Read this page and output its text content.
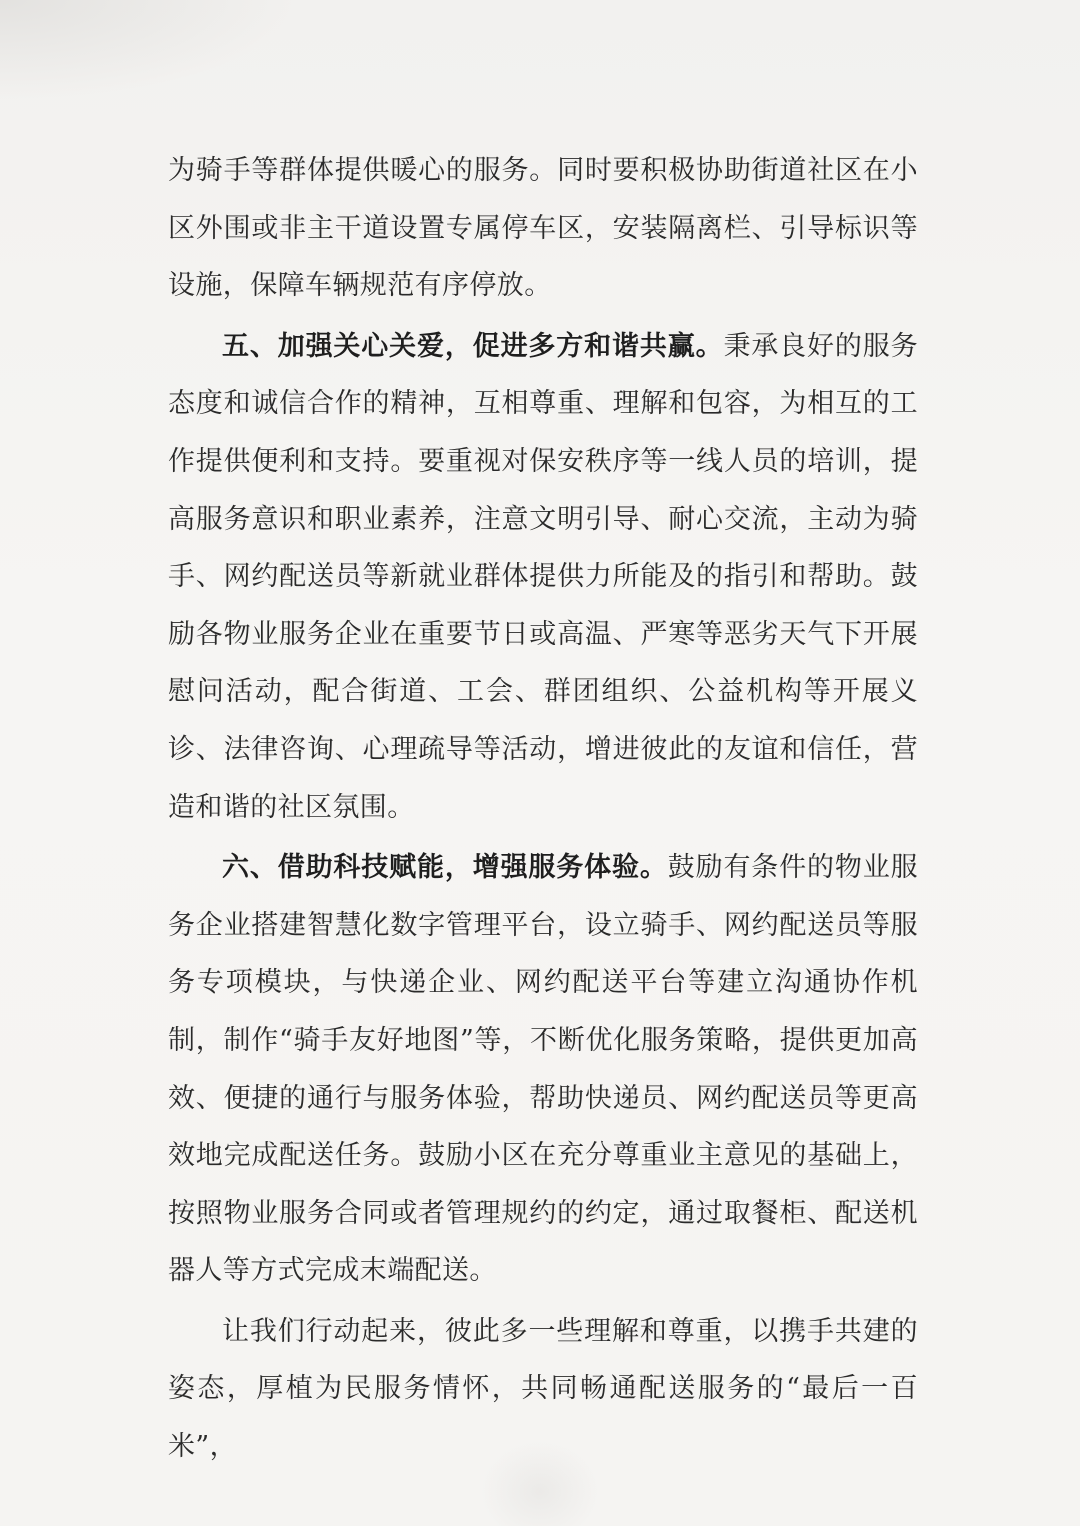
为骑手等群体提供暖心的服务。同时要积极协助街道社区在小区外围或非主干道设置专属停车区，安装隔离栏、引导标识等设施，保障车辆规范有序停放。

五、加强关心关爱，促进多方和谐共赢。秉承良好的服务态度和诚信合作的精神，互相尊重、理解和包容，为相互的工作提供便利和支持。要重视对保安秩序等一线人员的培训，提高服务意识和职业素养，注意文明引导、耐心交流，主动为骑手、网约配送员等新就业群体提供力所能及的指引和帮助。鼓励各物业服务企业在重要节日或高温、严寒等恶劣天气下开展慰问活动，配合街道、工会、群团组织、公益机构等开展义诊、法律咨询、心理疏导等活动，增进彼此的友谊和信任，营造和谐的社区氛围。

六、借助科技赋能，增强服务体验。鼓励有条件的物业服务企业搭建智慧化数字管理平台，设立骑手、网约配送员等服务专项模块，与快递企业、网约配送平台等建立沟通协作机制，制作“骑手友好地图”等，不断优化服务策略，提供更加高效、便捷的通行与服务体验，帮助快递员、网约配送员等更高效地完成配送任务。鼓励小区在充分尊重业主意见的基础上，按照物业服务合同或者管理规约的约定，通过取餐柜、配送机器人等方式完成末端配送。

让我们行动起来，彼此多一些理解和尊重，以携手共建的姿态，厚植为民服务情怀，共同畅通配送服务的“最后一百米”，
